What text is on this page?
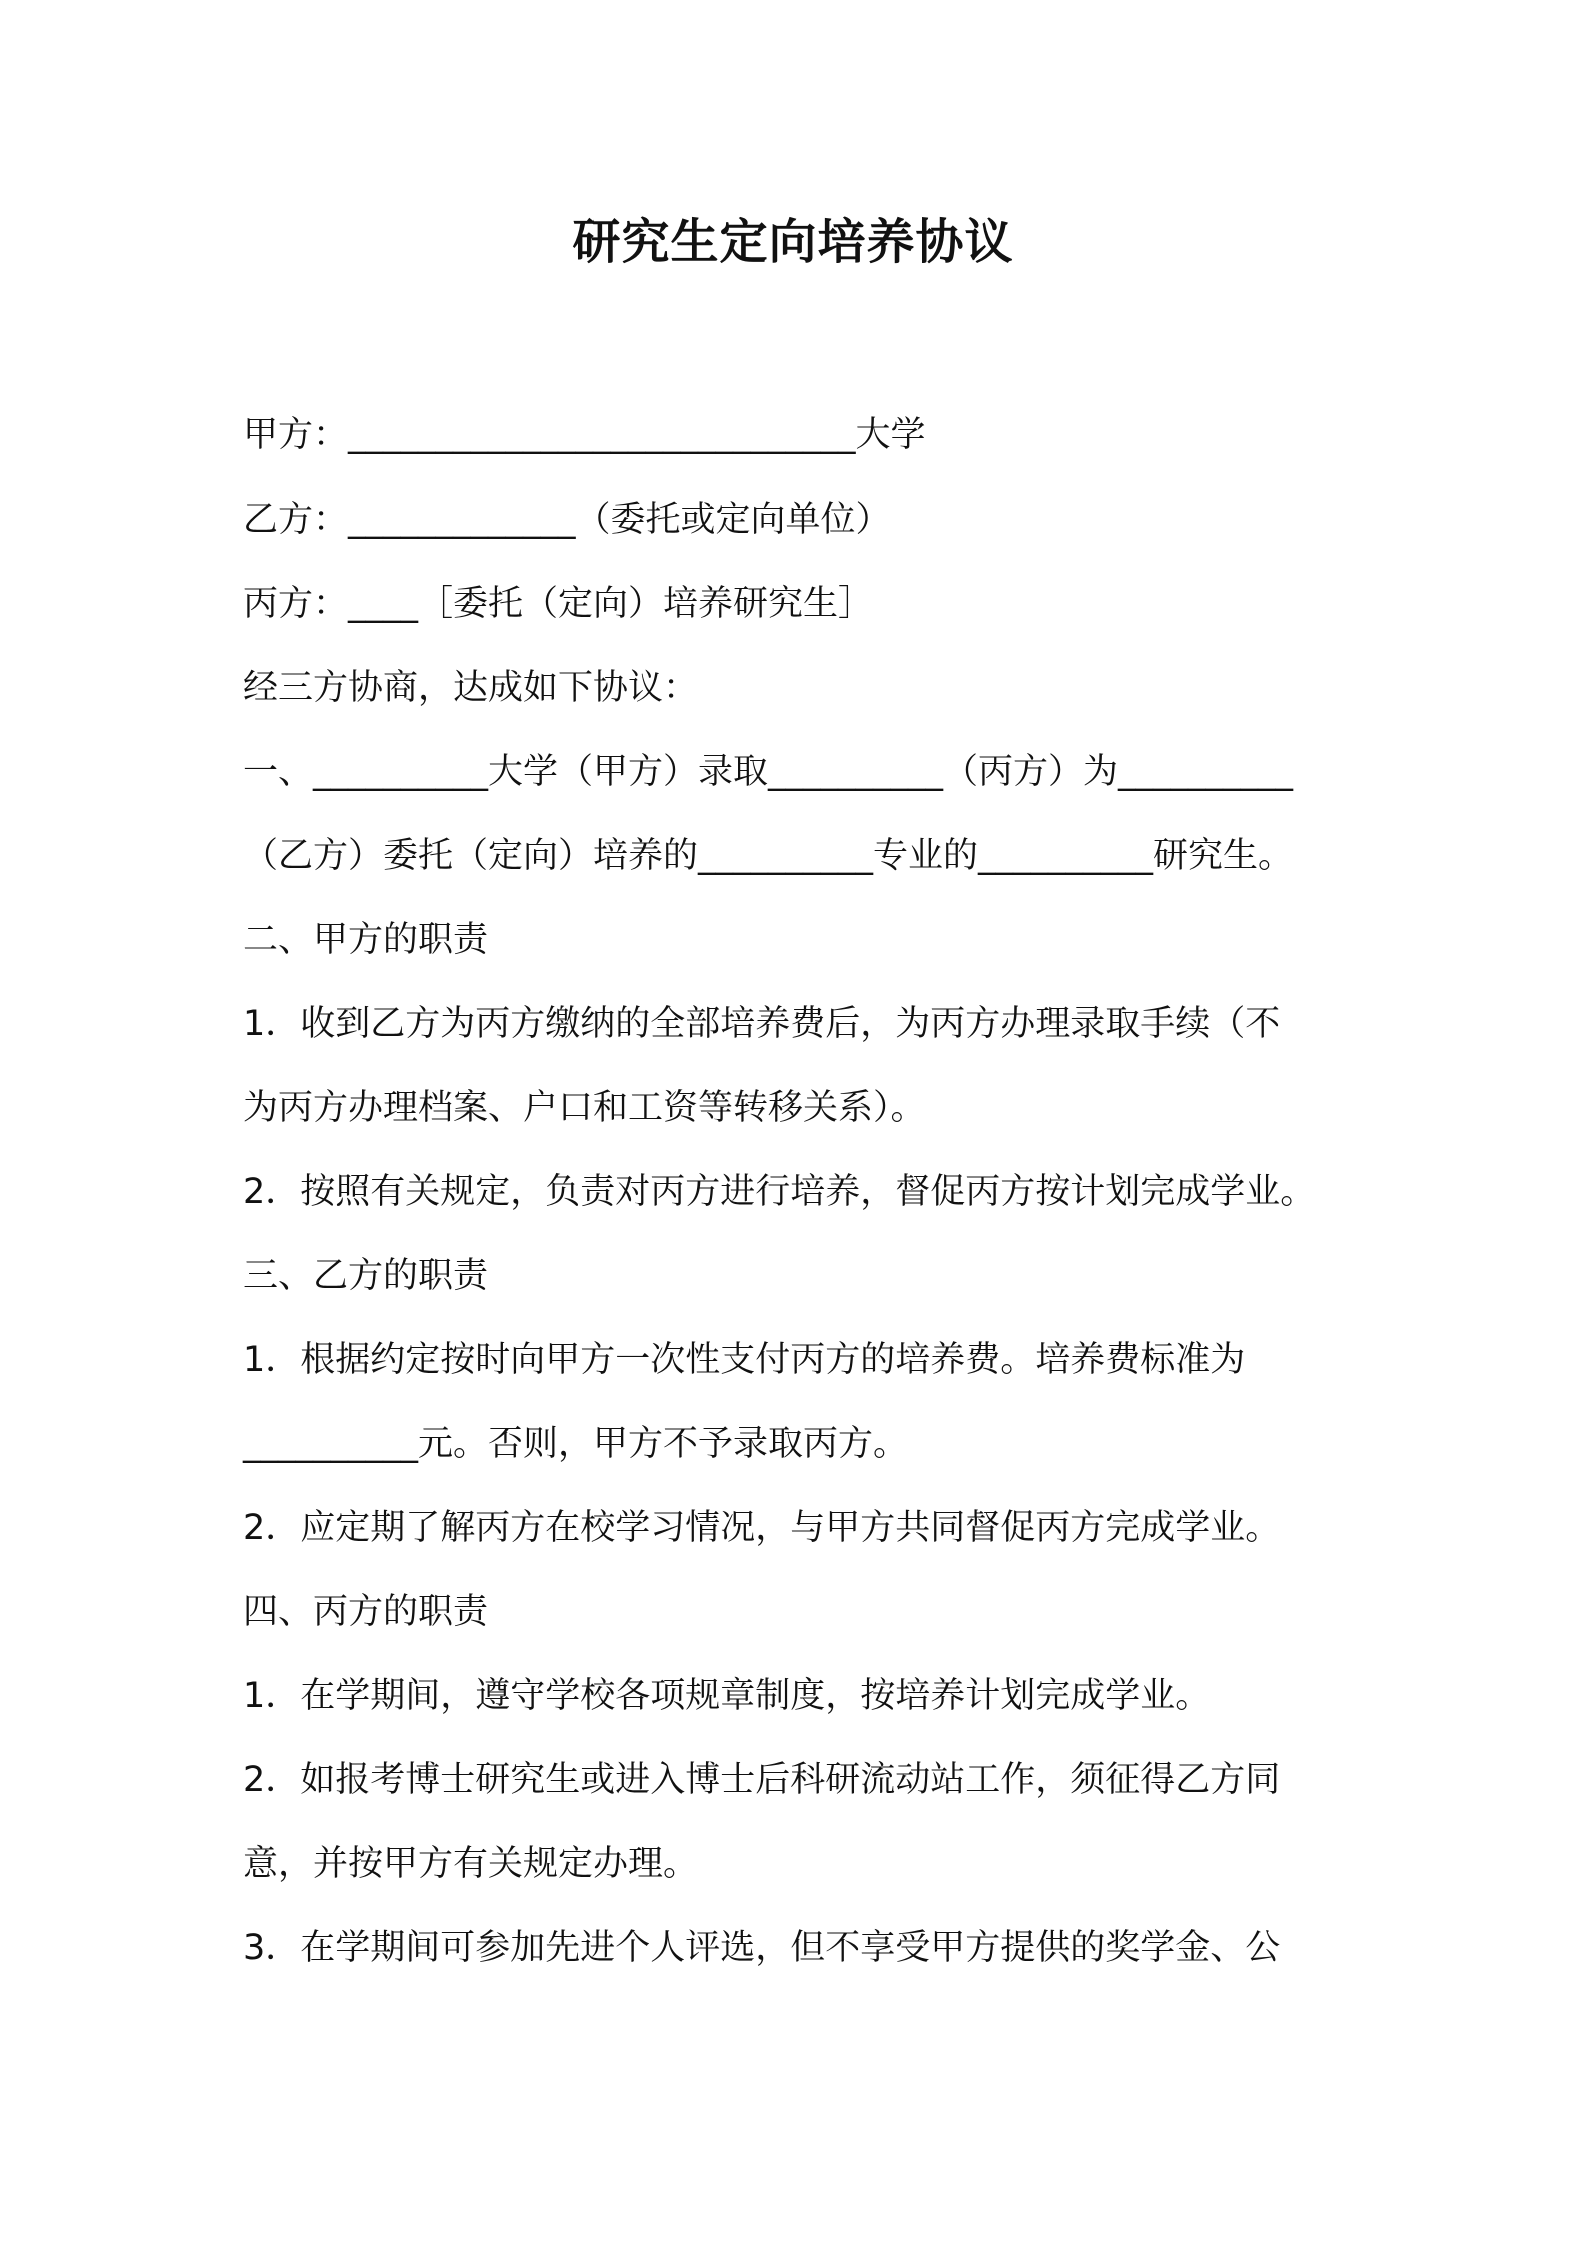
研究生定向培养协议
甲方：_____________________________大学
乙方：_____________（委托或定向单位）
丙方：____［委托（定向）培养研究生］
经三方协商，达成如下协议：
一、__________大学（甲方）录取__________（丙方）为__________
（乙方）委托（定向）培养的__________专业的__________研究生。
二、甲方的职责
1．收到乙方为丙方缴纳的全部培养费后，为丙方办理录取手续（不
为丙方办理档案、户口和工资等转移关系）。
2．按照有关规定，负责对丙方进行培养，督促丙方按计划完成学业。
三、乙方的职责
1．根据约定按时向甲方一次性支付丙方的培养费。培养费标准为
__________元。否则，甲方不予录取丙方。
2．应定期了解丙方在校学习情况，与甲方共同督促丙方完成学业。
四、丙方的职责
1．在学期间，遵守学校各项规章制度，按培养计划完成学业。
2．如报考博士研究生或进入博士后科研流动站工作，须征得乙方同
意，并按甲方有关规定办理。
3．在学期间可参加先进个人评选，但不享受甲方提供的奖学金、公
